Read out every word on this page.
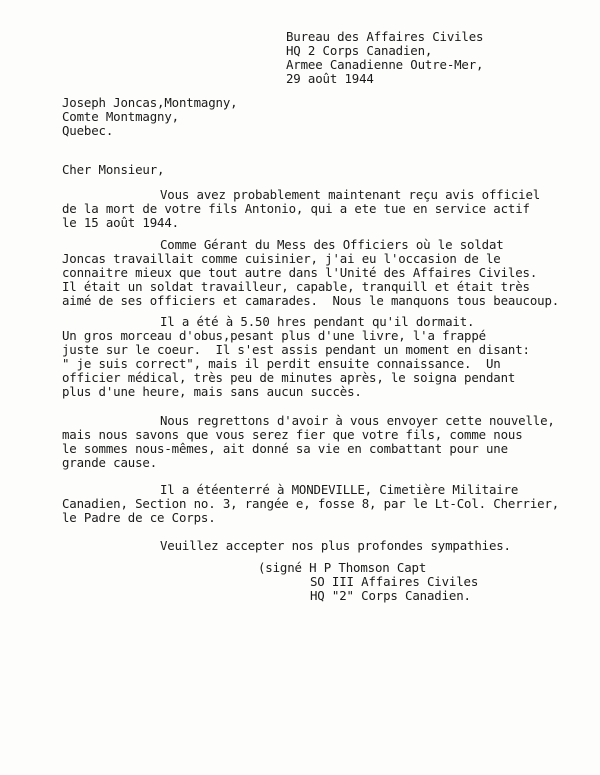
Bureau des Affaires Civiles
HQ 2 Corps Canadien,
Armee Canadienne Outre-Mer,
29 août 1944
Joseph Joncas,Montmagny,
Comte Montmagny,
Quebec.
Cher Monsieur,
Vous avez probablement maintenant reçu avis officiel
de la mort de votre fils Antonio, qui a ete tue en service actif
le 15 août 1944.
Comme Gérant du Mess des Officiers où le soldat
Joncas travaillait comme cuisinier, j'ai eu l'occasion de le
connaitre mieux que tout autre dans l'Unité des Affaires Civiles.
Il était un soldat travailleur, capable, tranquill et était très
aimé de ses officiers et camarades.  Nous le manquons tous beaucoup.
Il a été à 5.50 hres pendant qu'il dormait.
Un gros morceau d'obus,pesant plus d'une livre, l'a frappé
juste sur le coeur.  Il s'est assis pendant un moment en disant:
" je suis correct", mais il perdit ensuite connaissance.  Un
officier médical, très peu de minutes après, le soigna pendant
plus d'une heure, mais sans aucun succès.
Nous regrettons d'avoir à vous envoyer cette nouvelle,
mais nous savons que vous serez fier que votre fils, comme nous
le sommes nous-mêmes, ait donné sa vie en combattant pour une
grande cause.
Il a étéenterré à MONDEVILLE, Cimetière Militaire
Canadien, Section no. 3, rangée e, fosse 8, par le Lt-Col. Cherrier,
le Padre de ce Corps.
Veuillez accepter nos plus profondes sympathies.
(signé H P Thomson Capt
SO III Affaires Civiles
HQ "2" Corps Canadien.
